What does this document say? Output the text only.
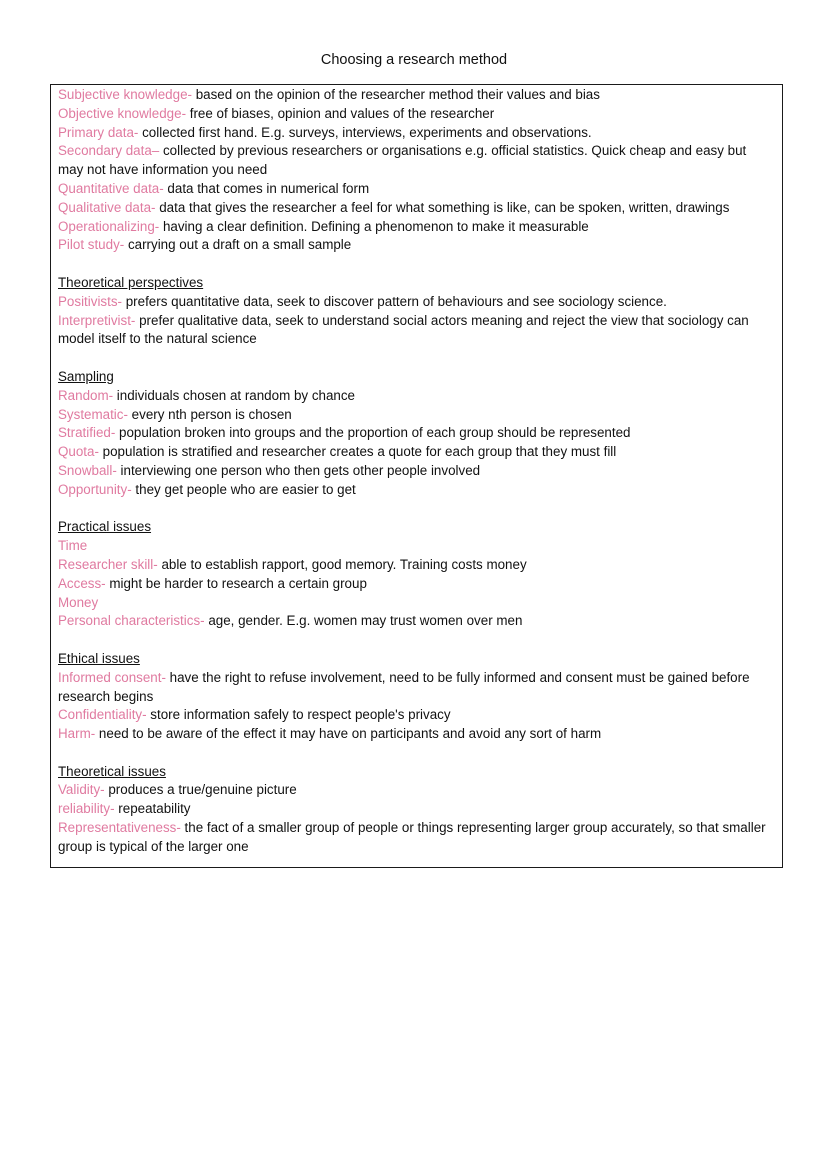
Choosing a research method
Subjective knowledge- based on the opinion of the researcher method their values and bias
Objective knowledge- free of biases, opinion and values of the researcher
Primary data- collected first hand. E.g. surveys, interviews, experiments and observations.
Secondary data– collected by previous researchers or organisations e.g. official statistics. Quick cheap and easy but may not have information you need
Quantitative data- data that comes in numerical form
Qualitative data- data that gives the researcher a feel for what something is like, can be spoken, written, drawings
Operationalizing- having a clear definition. Defining a phenomenon to make it measurable
Pilot study- carrying out a draft on a small sample
Theoretical perspectives
Positivists- prefers quantitative data, seek to discover pattern of behaviours and see sociology science.
Interpretivist- prefer qualitative data, seek to understand social actors meaning and reject the view that sociology can model itself to the natural science
Sampling
Random- individuals chosen at random by chance
Systematic- every nth person is chosen
Stratified- population broken into groups and the proportion of each group should be represented
Quota- population is stratified and researcher creates a quote for each group that they must fill
Snowball- interviewing one person who then gets other people involved
Opportunity- they get people who are easier to get
Practical issues
Time
Researcher skill- able to establish rapport, good memory. Training costs money
Access- might be harder to research a certain group
Money
Personal characteristics- age, gender. E.g. women may trust women over men
Ethical issues
Informed consent- have the right to refuse involvement, need to be fully informed and consent must be gained before research begins
Confidentiality- store information safely to respect people's privacy
Harm- need to be aware of the effect it may have on participants and avoid any sort of harm
Theoretical issues
Validity- produces a true/genuine picture
reliability- repeatability
Representativeness- the fact of a smaller group of people or things representing larger group accurately, so that smaller group is typical of the larger one
